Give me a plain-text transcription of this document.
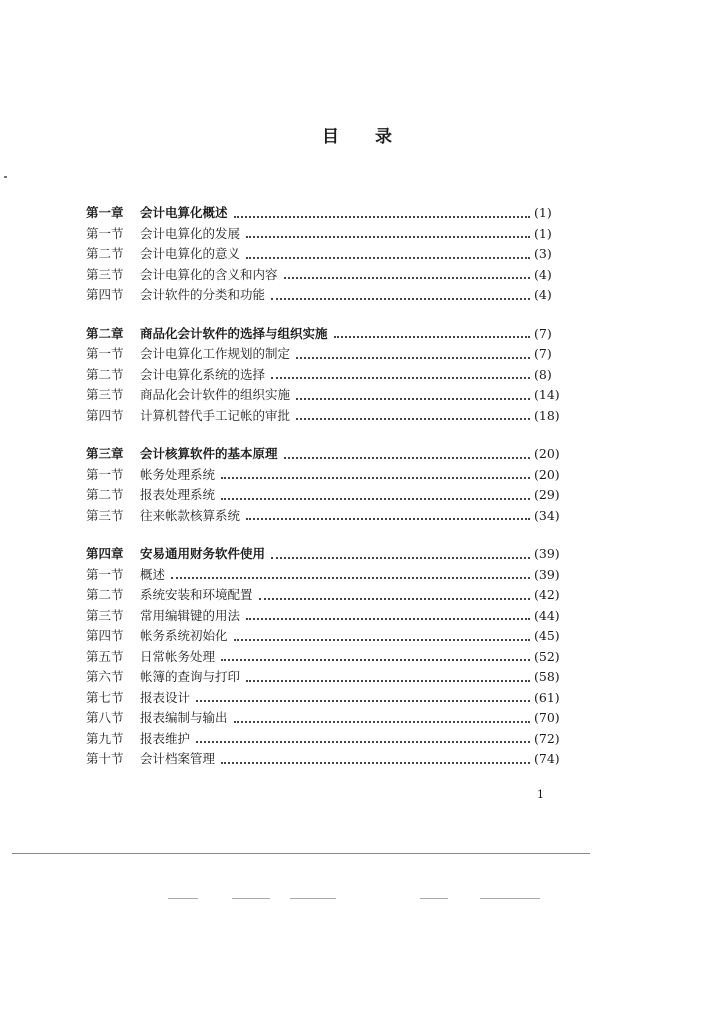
目录
第一章	会计电算化概述	(1)
第一节	会计电算化的发展	(1)
第二节	会计电算化的意义	(3)
第三节	会计电算化的含义和内容	(4)
第四节	会计软件的分类和功能	(4)
第二章	商品化会计软件的选择与组织实施	(7)
第一节	会计电算化工作规划的制定	(7)
第二节	会计电算化系统的选择	(8)
第三节	商品化会计软件的组织实施	(14)
第四节	计算机替代手工记帐的审批	(18)
第三章	会计核算软件的基本原理	(20)
第一节	帐务处理系统	(20)
第二节	报表处理系统	(29)
第三节	往来帐款核算系统	(34)
第四章	安易通用财务软件使用	(39)
第一节	概述	(39)
第二节	系统安装和环境配置	(42)
第三节	常用编辑键的用法	(44)
第四节	帐务系统初始化	(45)
第五节	日常帐务处理	(52)
第六节	帐簿的查询与打印	(58)
第七节	报表设计	(61)
第八节	报表编制与输出	(70)
第九节	报表维护	(72)
第十节	会计档案管理	(74)
1
